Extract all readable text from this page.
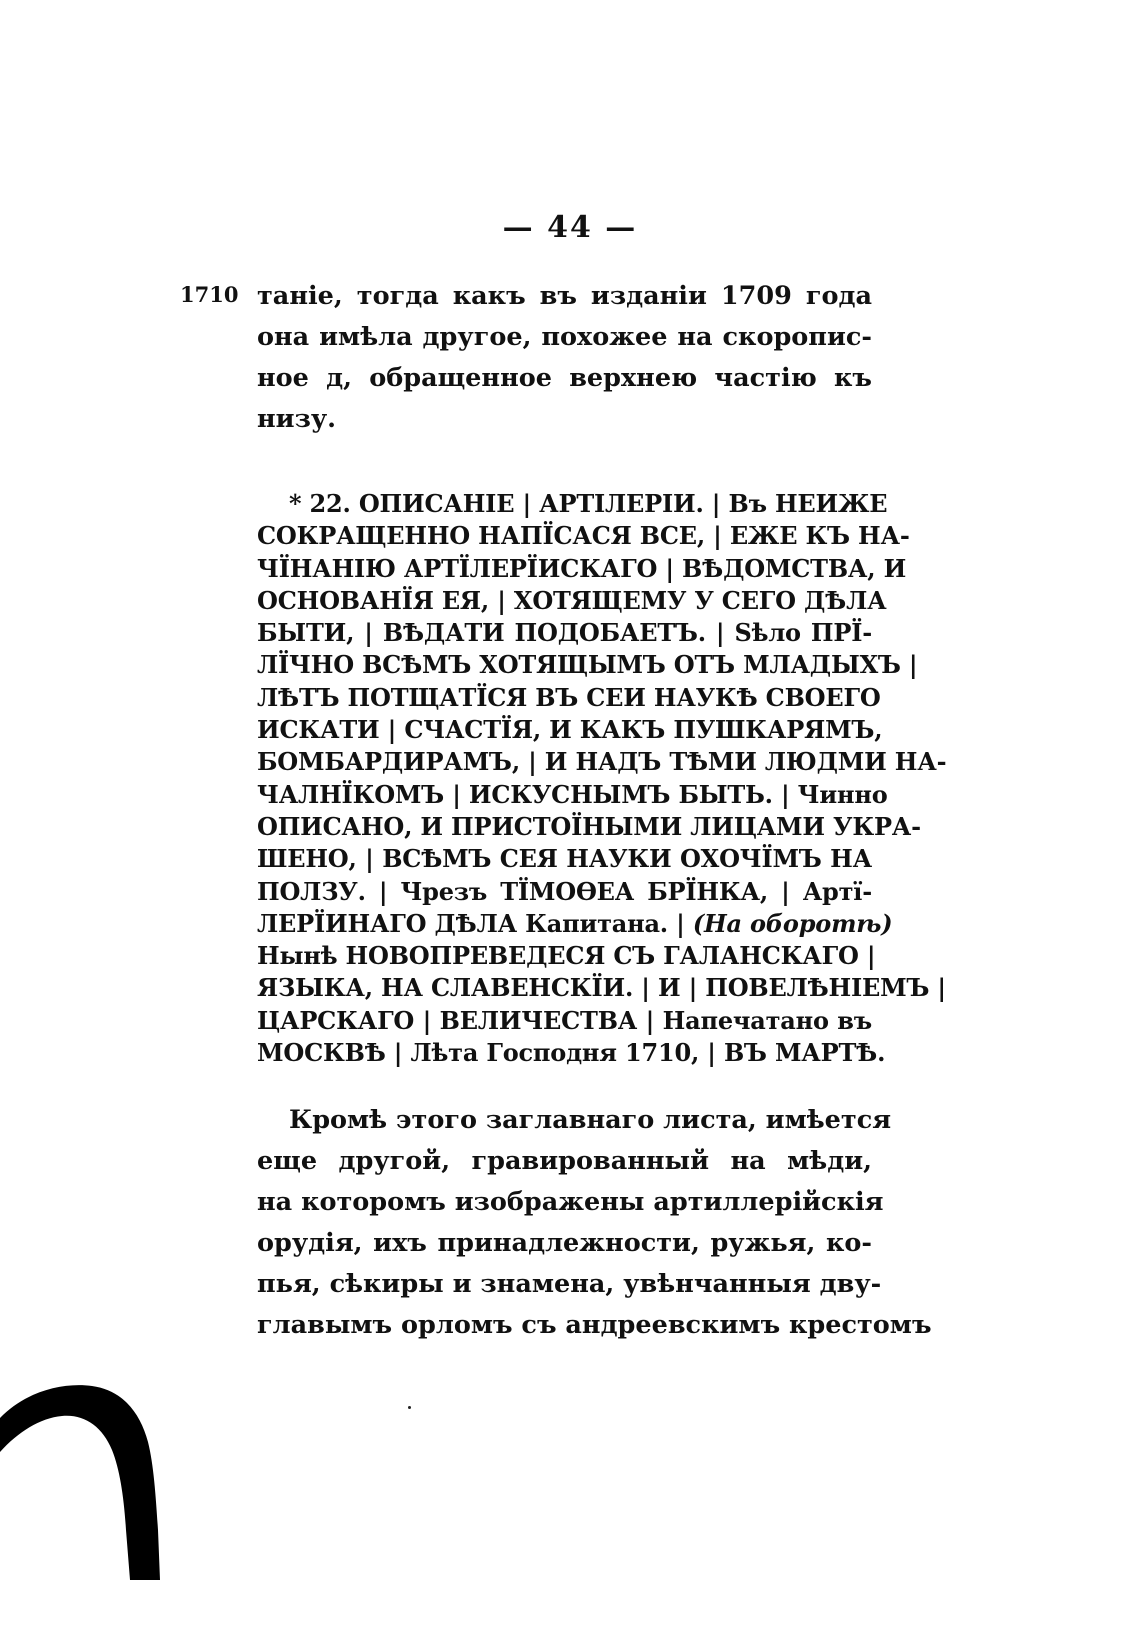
— 44 —
1710 таніе, тогда какъ въ изданіи 1709 года
она имѣла другое, похожее на скоропис-
ное д, обращенное верхнею частію къ
низу.
* 22. ОПИСАНІЕ | АРТІЛЕРІИ. | Въ НЕИЖЕ
СОКРАЩЕННО НАПЇСАСЯ ВСЕ, | ЕЖЕ КЪ НА-
ЧЇНАНІЮ АРТЇЛЕРЇИСКАГО | ВѢДОМСТВА, И
ОСНОВАНЇЯ ЕЯ, | ХОТЯЩЕМУ У СЕГО ДѢЛА
БЫТИ, | ВѢДАТИ ПОДОБАЕТЪ. | Ѕѣло ПРЇ-
ЛЇЧНО ВСѢМЪ ХОТЯЩЫМЪ ОТЪ МЛАДЫХЪ |
ЛѢТЪ ПОТЩАТЇСЯ ВЪ СЕИ НАУКѢ СВОЕГО
ИСКАТИ | СЧАСТЇЯ, И КАКЪ ПУШКАРЯМЪ,
БОМБАРДИРАМЪ, | И НАДЪ ТѢМИ ЛЮДМИ НА-
ЧАЛНЇКОМЪ | ИСКУСНЫМЪ БЫТЬ. | Чинно
ОПИСАНО, И ПРИСТОЇНЫМИ ЛИЦАМИ УКРА-
ШЕНО, | ВСѢМЪ СЕЯ НАУКИ ОХОЧЇМЪ НА
ПОЛЗУ. | Чрезъ ТЇМОѲЕА БРЇНКА, | Артї-
ЛЕРЇИНАГО ДѢЛА Капитана. | (На оборотѣ)
Нынѣ НОВОПРЕВЕДЕСЯ СЪ ГАЛАНСКАГО |
ЯЗЫКА, НА СЛАВЕНСКЇИ. | И | ПОВЕЛѢНІЕМЪ |
ЦАРСКАГО | ВЕЛИЧЕСТВА | Напечатано въ
МОСКВѢ | Лѣта Господня 1710, | ВЪ МАРТѢ.
Кромѣ этого заглавнаго листа, имѣется
еще другой, гравированный на мѣди,
на которомъ изображены артиллерійскія
орудія, ихъ принадлежности, ружья, ко-
пья, сѣкиры и знамена, увѣнчанныя дву-
главымъ орломъ съ андреевскимъ крестомъ
